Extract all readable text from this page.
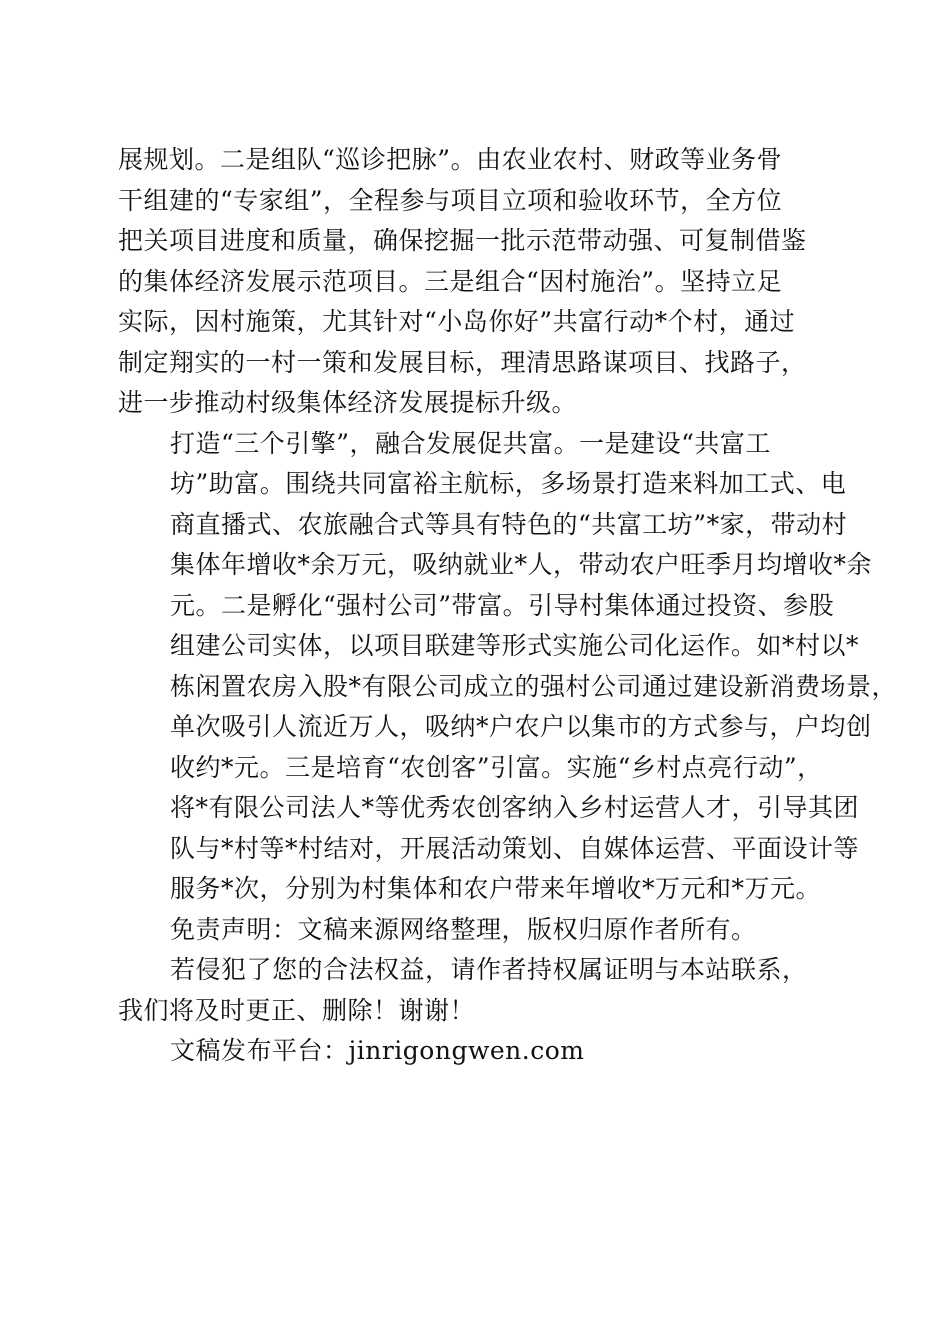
展规划。二是组队“巡诊把脉”。由农业农村、财政等业务骨
干组建的“专家组”，全程参与项目立项和验收环节，全方位
把关项目进度和质量，确保挖掘一批示范带动强、可复制借鉴
的集体经济发展示范项目。三是组合“因村施治”。坚持立足
实际，因村施策，尤其针对“小岛你好”共富行动*个村，通过
制定翔实的一村一策和发展目标，理清思路谋项目、找路子，
进一步推动村级集体经济发展提标升级。

打造“三个引擎”，融合发展促共富。一是建设“共富工
坊”助富。围绕共同富裕主航标，多场景打造来料加工式、电
商直播式、农旅融合式等具有特色的“共富工坊”*家，带动村
集体年增收*余万元，吸纳就业*人，带动农户旺季月均增收*余
元。二是孵化“强村公司”带富。引导村集体通过投资、参股
组建公司实体，以项目联建等形式实施公司化运作。如*村以*
栋闲置农房入股*有限公司成立的强村公司通过建设新消费场景，
单次吸引人流近万人，吸纳*户农户以集市的方式参与，户均创
收约*元。三是培育“农创客”引富。实施“乡村点亮行动”，
将*有限公司法人*等优秀农创客纳入乡村运营人才，引导其团
队与*村等*村结对，开展活动策划、自媒体运营、平面设计等
服务*次，分别为村集体和农户带来年增收*万元和*万元。

免责声明：文稿来源网络整理，版权归原作者所有。

若侵犯了您的合法权益，请作者持权属证明与本站联系，

我们将及时更正、删除！谢谢！

文稿发布平台：jinrigongwen.com
